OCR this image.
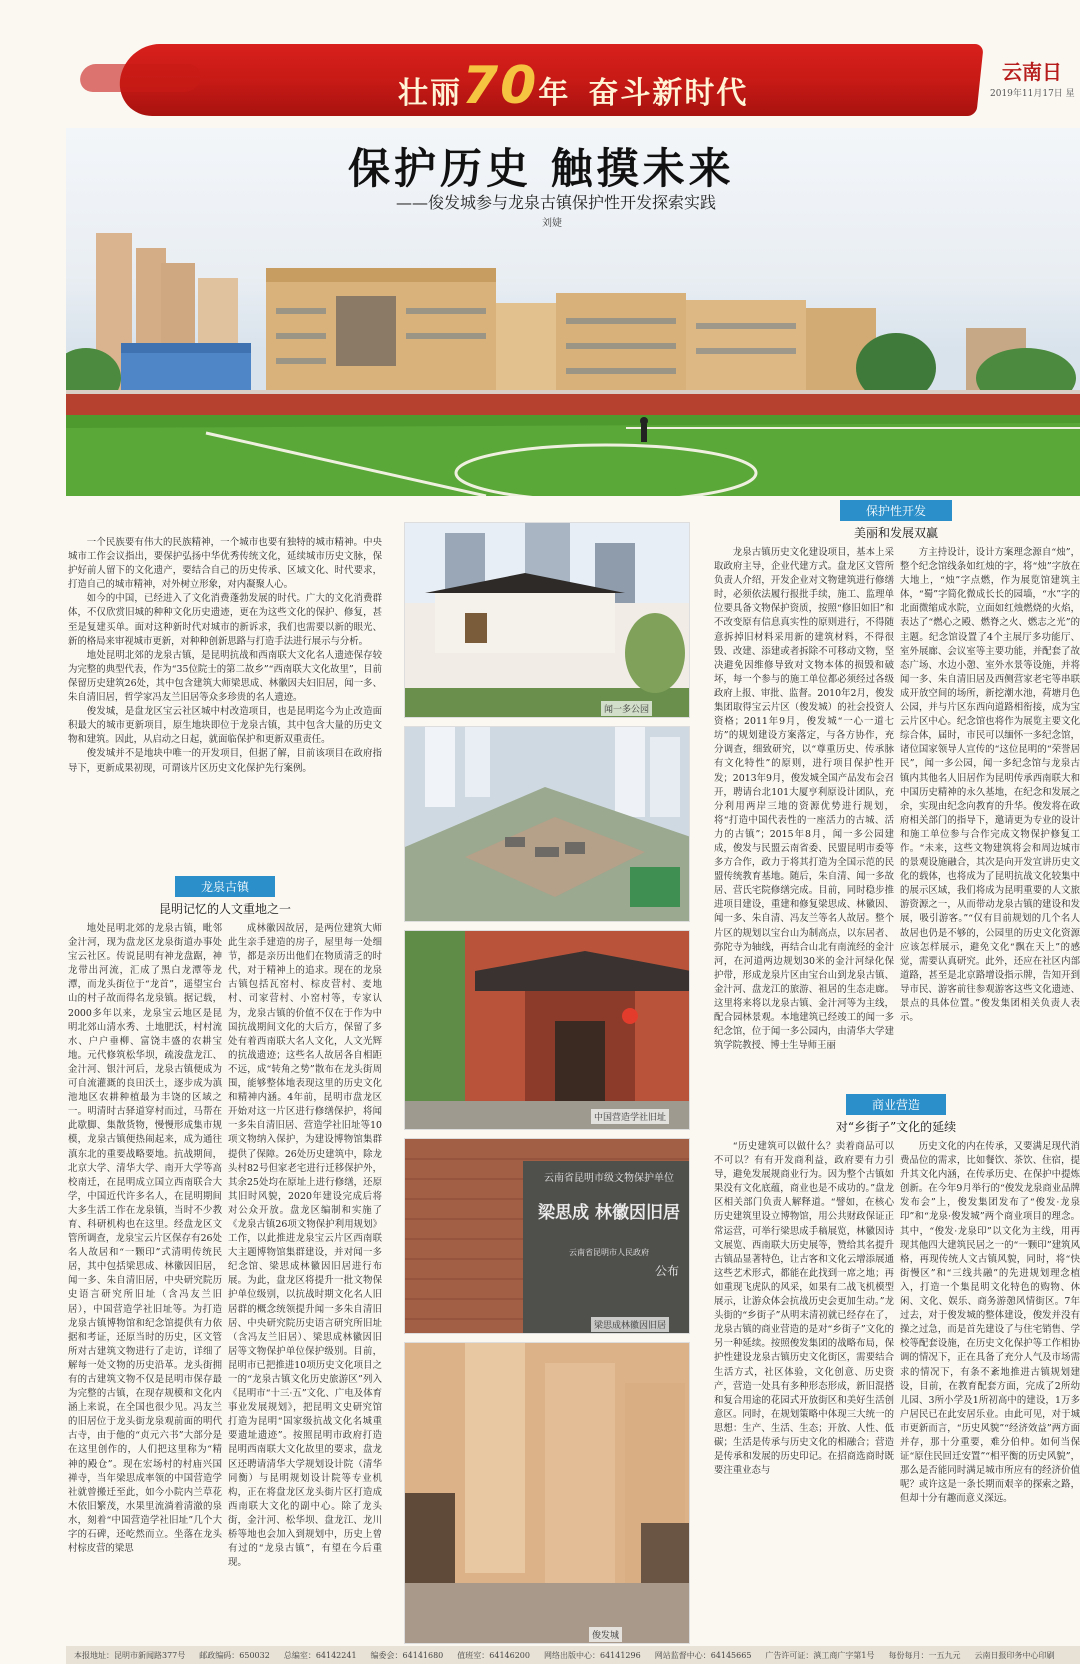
壮丽70年 奋斗新时代
云南日
2019年11月17日 星
保护历史 触摸未来
——俊发城参与龙泉古镇保护性开发探索实践
刘婕

一个民族要有伟大的民族精神，一个城市也要有独特的城市精神。中央城市工作会议指出，要保护弘扬中华优秀传统文化，延续城市历史文脉，保护好前人留下的文化遗产，要结合自己的历史传承、区域文化、时代要求，打造自己的城市精神，对外树立形象，对内凝聚人心。

如今的中国，已经进入了文化消费蓬勃发展的时代。广大的文化消费群体，不仅欣赏旧城的种种文化历史遗迹，更在为这些文化的保护、修复，甚至是复建买单。面对这种新时代对城市的新诉求，我们也需要以新的眼光、新的格局来审视城市更新，对种种创新思路与打造手法进行展示与分析。

地处昆明北郊的龙泉古镇，是昆明抗战和西南联大文化名人遗迹保存较为完整的典型代表，作为“35位院士的第二故乡”“西南联大文化故里”，目前保留历史建筑26处，其中包含建筑大师梁思成、林徽因夫妇旧居，闻一多、朱自清旧居，哲学家冯友兰旧居等众多珍贵的名人遗迹。

俊发城，是盘龙区宝云社区城中村改造项目，也是昆明迄今为止改造面积最大的城市更新项目，原生地块即位于龙泉古镇，其中包含大量的历史文物和建筑。因此，从启动之日起，就面临保护和更新双重责任。

俊发城并不是地块中唯一的开发项目，但据了解，目前该项目在政府指导下，更新成果初现，可谓该片区历史文化保护先行案例。

龙泉古镇
昆明记忆的人文重地之一

地处昆明北郊的龙泉古镇，毗邻金汁河，现为盘龙区龙泉街道办事处宝云社区。传说昆明有神龙盘踞，神龙带出河流，汇成了黑白龙潭等龙潭，而龙头街位于“龙首”，遥望宝台山的村子故而得名龙泉镇。据记载，2000多年以来，龙泉宝云地区是昆明北郊山清水秀、土地肥沃，村村流水、户户垂柳、富饶丰盛的农耕宝地。元代修筑松华坝，疏浚盘龙江、金汁河、银汁河后，龙泉古镇便成为可自流灌溉的良田沃土，逐步成为滇池地区农耕种植最为丰饶的区域之一。明清时古驿道穿村而过，马帮在此歇脚、集散货物，慢慢形成集市规模，龙泉古镇便热闹起来，成为通往滇东北的重要战略要地。抗战期间，北京大学、清华大学、南开大学等高校南迁，在昆明成立国立西南联合大学，中国近代许多名人，在昆明期间大多生活工作在龙泉镇，当时不少教育、科研机构也在这里。经盘龙区文管所调查，龙泉宝云片区保存有26处名人故居和“一颗印”式清明传统民居，其中包括梁思成、林徽因旧居，闻一多、朱自清旧居，中央研究院历史语言研究所旧址（含冯友兰旧居），中国营造学社旧址等。为打造龙泉古镇博物馆和纪念馆提供有力依据和考证，还原当时的历史，区文管所对古建筑文物进行了走访，详细了解每一处文物的历史沿革。龙头街拥有的古建筑文物不仅是昆明市保存最为完整的古镇，在现存规模和文化内涵上来说，在全国也很少见。冯友兰的旧居位于龙头街龙泉观前面的明代古寺，由于他的“贞元六书”大部分是在这里创作的，人们把这里称为“精神的殿仓”。现在宏场村的村庙兴国禅寺，当年梁思成率领的中国营造学社就曾搬迁至此，如今小院内兰草花木依旧繁茂，水果里流淌着清澈的泉水，刻着“中国营造学社旧址”几个大字的石碑，还屹然而立。坐落在龙头村棕皮营的梁思

成林徽因故居，是两位建筑大师此生亲手建造的房子，屋里每一处细节，都是亲历出他们在物质清乏的时代，对于精神上的追求。现在的龙泉古镇包括瓦窑村、棕皮营村、麦地村、司家营村、小窑村等，专家认为，龙泉古镇的价值不仅在于作为中国抗战期间文化的大后方，保留了多处有着西南联大名人文化，人文光辉的抗战遗迹；这些名人故居各自相距不远，成“转角之势”散布在龙头街周围，能够整体地表现这里的历史文化和精神内涵。4年前，昆明市盘龙区开始对这一片区进行修缮保护，将闻一多朱自清旧居、营造学社旧址等10项文物纳入保护，为建设博物馆集群提供了保障。26处历史建筑中，除龙头村82号但家老宅进行迁移保护外，其余25处均在原址上进行修缮，还原其旧时风貌，2020年建设完成后将对公众开放。盘龙区编制和实施了《龙泉古镇26项文物保护利用规划》工作，以此推进龙泉宝云片区西南联大主题博物馆集群建设，并对闻一多纪念馆、梁思成林徽因旧居进行布展。为此，盘龙区将提升一批文物保护单位级别，以抗战时期文化名人旧居群的概念统领提升闻一多朱自清旧居、中央研究院历史语言研究所旧址（含冯友兰旧居）、梁思成林徽因旧居等文物保护单位保护级别。目前，昆明市已把推进10项历史文化项目之一的“龙泉古镇文化历史旅游区”列入《昆明市“十三·五”文化、广电及体育事业发展规划》，把昆明文史研究馆打造为昆明“国家级抗战文化名城重要遗址遗迹”。按照昆明市政府打造昆明西南联大文化故里的要求，盘龙区还聘请清华大学规划设计院（清华同衡）与昆明规划设计院等专业机构，正在将盘龙区龙头街片区打造成西南联大文化的副中心。除了龙头街，金汁河、松华坝、盘龙江、龙川桥等地也会加入到规划中，历史上曾有过的“龙泉古镇”，有望在今后重现。

闻一多公园
中国营造学社旧址
云南省昆明市级文物保护单位
梁思成 林徽因旧居
云南省昆明市人民政府
公布
梁思成林徽因旧居
俊发城
保护性开发
美丽和发展双赢

龙泉古镇历史文化建设项目，基本上采取政府主导，企业代建方式。盘龙区文管所负责人介绍，开发企业对文物建筑进行修缮时，必须依法履行报批手续，施工、监理单位要具备文物保护资质，按照“修旧如旧”和不改变原有信息真实性的原则进行，不得随意拆掉旧材料采用新的建筑材料，不得很毁、改建、添建或者拆除不可移动文物，坚决避免因维修导致对文物本体的损毁和破坏，每一个参与的施工单位都必须经过各级政府上报、审批、监督。2010年2月，俊发集团取得宝云片区（俊发城）的社会投资人资格；2011年9月，俊发城“一心一道七坊”的规划建设方案落定，与各方协作，充分调查，细致研究，以“尊重历史、传承脉有文化特性”的原则，进行项目保护性开发；2013年9月，俊发城全国产品发布会召开，聘请台北101大厦亨利原设计团队，充分利用两岸三地的资源优势进行规划，将“打造中国代表性的一座活力的古城、活力的古镇”；2015年8月，闻一多公园建成，俊发与民盟云南省委、民盟昆明市委等多方合作，政力于将其打造为全国示范的民盟传统教育基地。随后，朱自清、闻一多故居、营氏宅院修缮完成。目前，同时稳步推进项目建设，重建和修复梁思成、林徽因、闻一多、朱自清、冯友兰等名人故居。整个片区的规划以宝台山为制高点，以东居者、弥陀寺为轴线，再结合山北有南流经的金汁河，在河道两边规划30米的金汁河绿化保护带，形成龙泉片区由宝台山到龙泉古镇、金汁河、盘龙江的旅游、祖居的生态走廊。这里将来将以龙泉古镇、金汁河等为主线，配合园林景观。本地建筑已经竣工的闻一多纪念馆，位于闻一多公园内，由清华大学建筑学院教授、博士生导师王丽

方主持设计，设计方案理念源自“烛”，整个纪念馆线条如红烛的字，将“烛”字放在大地上，“烛”字点燃，作为展览馆建筑主体，“蜀”字简化微成长长的园墙，“水”字的北面微缩成水院，立面如红烛燃烧的火焰，表达了“燃心之殿、燃脊之火、燃志之光”的主题。纪念馆设置了4个主展厅多功能厅、室外展廊、会议室等主要功能，并配套了故态广场、水边小憩、室外水景等设施，并将闻一多、朱自清旧居及西侧营家老宅等串联成开放空间的场所，新挖潮水池，荷塘月色公园，并与片区东西向道路相衔接，成为宝云片区中心。纪念馆也将作为展览主要文化综合体，届时，市民可以缅怀一多纪念馆，诸位国家领导人宣传的“这位昆明的“荣誉居民”，闻一多公园，闻一多纪念馆与龙泉古镇内其他名人旧居作为昆明传承西南联大和中国历史精神的永久基地，在纪念和发展之余，实现由纪念向教育的升华。俊发将在政府相关部门的指导下，邀请更为专业的设计和施工单位参与合作完成文物保护修复工作。“未来，这些文物建筑将会和周边城市的景观设施融合，其次是向开发宣讲历史文化的载体，也将成为了昆明抗战文化较集中的展示区域，我们将成为昆明重要的人文旅游资源之一，从而带动龙泉古镇的建设和发展，吸引游客。”“仅有目前规划的几个名人故居也仍是不够的，公园里的历史文化资源应该怎样展示，避免文化“飘在天上”的感觉，需要认真研究。此外，还应在社区内部道路，甚至是北京路增设指示牌，告知开到导市民、游客前往参观游客这些文化遗迹、景点的具体位置。”俊发集团相关负责人表示。

商业营造
对“乡街子”文化的延续

“历史建筑可以做什么？卖着商品可以不可以？有有开发商利益，政府要有力引导，避免发展规商业行为。因为整个古镇如果没有文化底蕴，商业也是不成功的。”盘龙区相关部门负责人解释道。“譬如，在核心历史建筑里设立博物馆，用公共财政保证正常运营，可举行梁思成手稿展览，林徽因诗文展览、西南联大历史展等，赞给其名提升古镇品显著特色，让古客和文化云增添展通这些艺术形式，都能在此找到一席之地；再如重现飞虎队的风采，如果有二战飞机模型展示，让游众体会抗战历史会更加生动。”龙头街的“乡街子”从明末清初就已经存在了，龙泉古镇的商业营造的是对“乡街子”文化的另一种延续。按照俊发集团的战略布局，保护性建设龙泉古镇历史文化街区，需要结合生活方式，社区体验，文化创意、历史资产，营造一处具有多种形态形成，新旧混搭和复合用途的花园式开放街区和美好生活创意区。同时，在规划策略中体现三大统一的思想：生产、生活、生态；开放、人性、低碳；生活是传承与历史文化的相融合；营造是传承和发展的历史印记。在招商选商时既要注重业态与

历史文化的内在传承，又要满足现代消费品位的需求，比如餐饮、茶饮、住宿，提升其文化内涵，在传承历史、在保护中提炼创新。在今年9月举行的“俊发龙泉商业品牌发布会”上，俊发集团发布了“俊发·龙泉印”和“龙泉·俊发城”两个商业项目的理念。其中，“俊发·龙泉印”以文化为主线，用再现其他四大建筑民居之一的“一颗印”建筑风格，再现传统人文古镇风貌，同时，将“快街慢区”和“三线共融”的先进规划理念植入，打造一个集昆明文化特色的购物、休闲、文化、娱乐、商务游憩风情街区。7年过去，对于俊发城的整体建设，俊发并没有操之过急，而是首先建设了与住宅销售、学校等配套设施，在历史文化保护等工作相协调的情况下，正在具备了充分人气及市场需求的情况下，有条不紊地推进古镇规划建设，目前，在教育配套方面，完成了2所幼儿园、3所小学及1所初高中的建设，1万多户居民已在此安居乐业。由此可见，对于城市更新而言，“历史风貌”“经济效益”两方面并存，那十分重要，难分伯仲。如何当保证“原住民回迁安置”“相平衡的历史风貌”，那么是否能同时满足城市所应有的经济价值呢？或许这是一条长期而艰辛的探索之路，但却十分有趣而意义深远。

本报地址：昆明市新闻路377号 邮政编码：650032 总编室：64142241 编委会：64141680 值班室：64146200 网络出版中心：64141296 网站监督中心：64145665 广告许可证：滇工商广字第1号 每份每月：一五九元 云南日报印务中心印刷
